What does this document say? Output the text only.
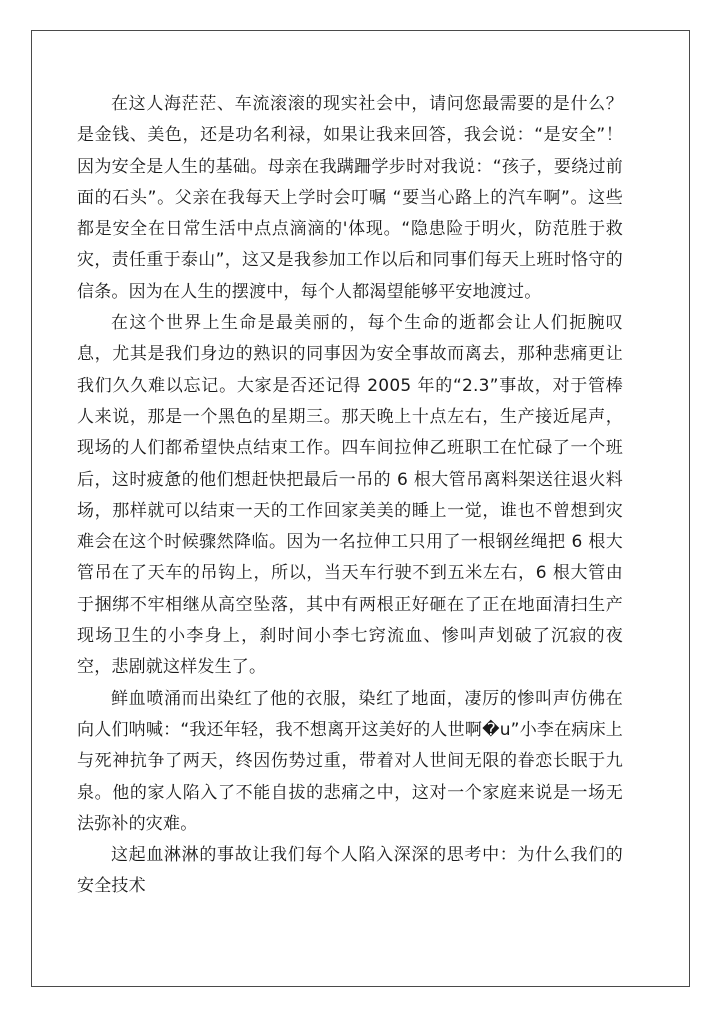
在这人海茫茫、车流滚滚的现实社会中，请问您最需要的是什么？是金钱、美色，还是功名利禄，如果让我来回答，我会说：“是安全”！因为安全是人生的基础。母亲在我蹒跚学步时对我说：“孩子，要绕过前面的石头”。父亲在我每天上学时会叮嘱 “要当心路上的汽车啊”。这些都是安全在日常生活中点点滴滴的'体现。“隐患险于明火，防范胜于救灾，责任重于泰山”，这又是我参加工作以后和同事们每天上班时恪守的信条。因为在人生的摆渡中，每个人都渴望能够平安地渡过。

在这个世界上生命是最美丽的，每个生命的逝都会让人们扼腕叹息，尤其是我们身边的熟识的同事因为安全事故而离去，那种悲痛更让我们久久难以忘记。大家是否还记得 2005 年的“2.3”事故，对于管棒人来说，那是一个黑色的星期三。那天晚上十点左右，生产接近尾声，现场的人们都希望快点结束工作。四车间拉伸乙班职工在忙碌了一个班后，这时疲惫的他们想赶快把最后一吊的 6 根大管吊离料架送往退火料场，那样就可以结束一天的工作回家美美的睡上一觉，谁也不曾想到灾难会在这个时候骤然降临。因为一名拉伸工只用了一根钢丝绳把 6 根大管吊在了天车的吊钩上，所以，当天车行驶不到五米左右，6 根大管由于捆绑不牢相继从高空坠落，其中有两根正好砸在了正在地面清扫生产现场卫生的小李身上，刹时间小李七窍流血、惨叫声划破了沉寂的夜空，悲剧就这样发生了。

鲜血喷涌而出染红了他的衣服，染红了地面，凄厉的惨叫声仿佛在向人们呐喊：“我还年轻，我不想离开这美好的人世啊�u”小李在病床上与死神抗争了两天，终因伤势过重，带着对人世间无限的眷恋长眠于九泉。他的家人陷入了不能自拔的悲痛之中，这对一个家庭来说是一场无法弥补的灾难。

这起血淋淋的事故让我们每个人陷入深深的思考中：为什么我们的安全技术
